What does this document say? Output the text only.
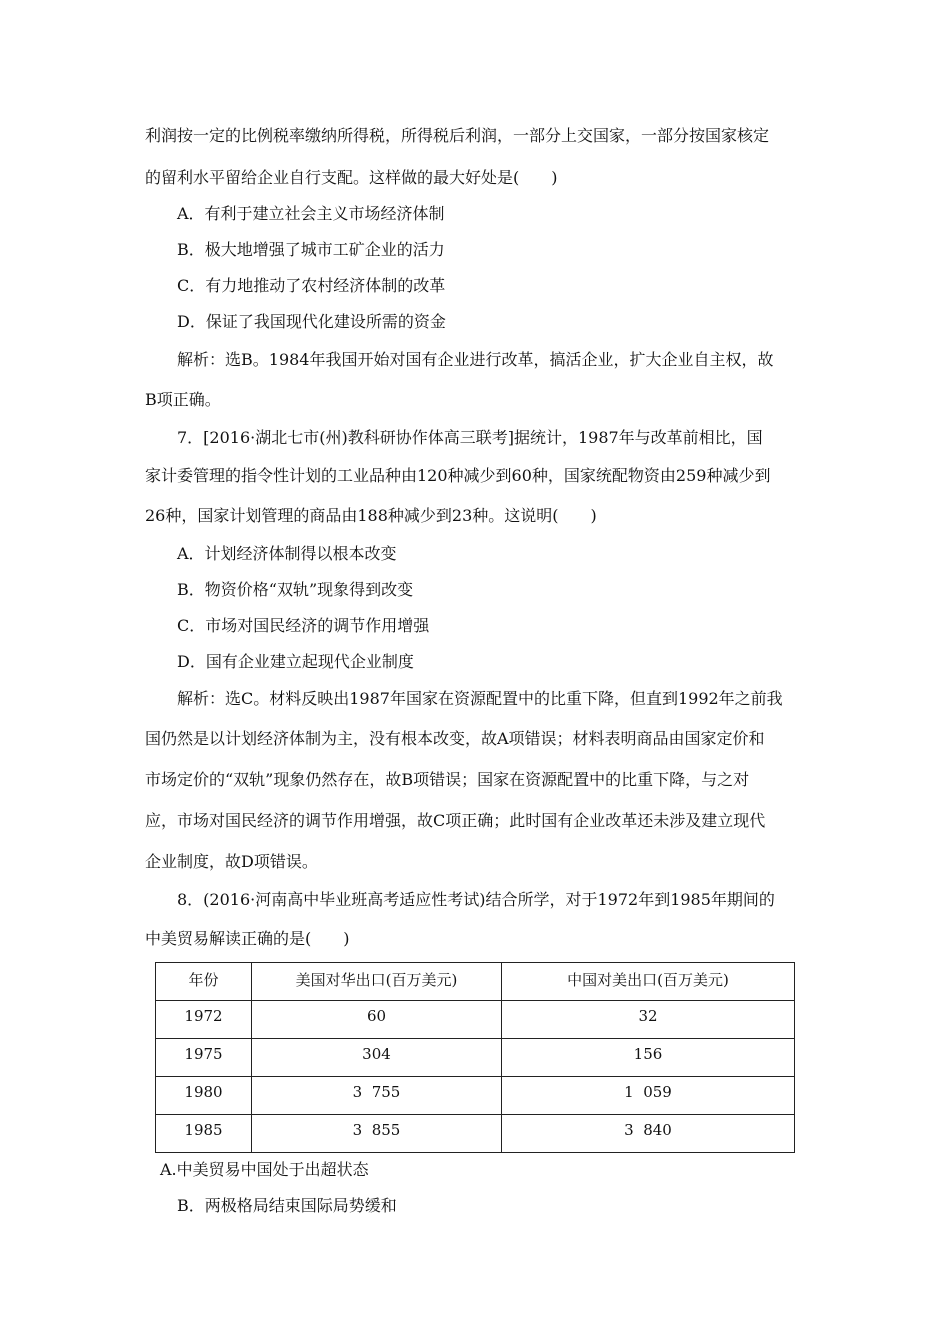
利润按一定的比例税率缴纳所得税，所得税后利润，一部分上交国家，一部分按国家核定
的留利水平留给企业自行支配。这样做的最大好处是(　　)
A．有利于建立社会主义市场经济体制
B．极大地增强了城市工矿企业的活力
C．有力地推动了农村经济体制的改革
D．保证了我国现代化建设所需的资金
解析：选B。1984年我国开始对国有企业进行改革，搞活企业，扩大企业自主权，故
B项正确。
7．[2016·湖北七市(州)教科研协作体高三联考]据统计，1987年与改革前相比，国
家计委管理的指令性计划的工业品种由120种减少到60种，国家统配物资由259种减少到
26种，国家计划管理的商品由188种减少到23种。这说明(　　)
A．计划经济体制得以根本改变
B．物资价格“双轨”现象得到改变
C．市场对国民经济的调节作用增强
D．国有企业建立起现代企业制度
解析：选C。材料反映出1987年国家在资源配置中的比重下降，但直到1992年之前我
国仍然是以计划经济体制为主，没有根本改变，故A项错误；材料表明商品由国家定价和
市场定价的“双轨”现象仍然存在，故B项错误；国家在资源配置中的比重下降，与之对
应，市场对国民经济的调节作用增强，故C项正确；此时国有企业改革还未涉及建立现代
企业制度，故D项错误。
8．(2016·河南高中毕业班高考适应性考试)结合所学，对于1972年到1985年期间的
中美贸易解读正确的是(　　)
年份	美国对华出口(百万美元)	中国对美出口(百万美元)
1972	60	32
1975	304	156
1980	3  755	1  059
1985	3  855	3  840
A.中美贸易中国处于出超状态
B．两极格局结束国际局势缓和
